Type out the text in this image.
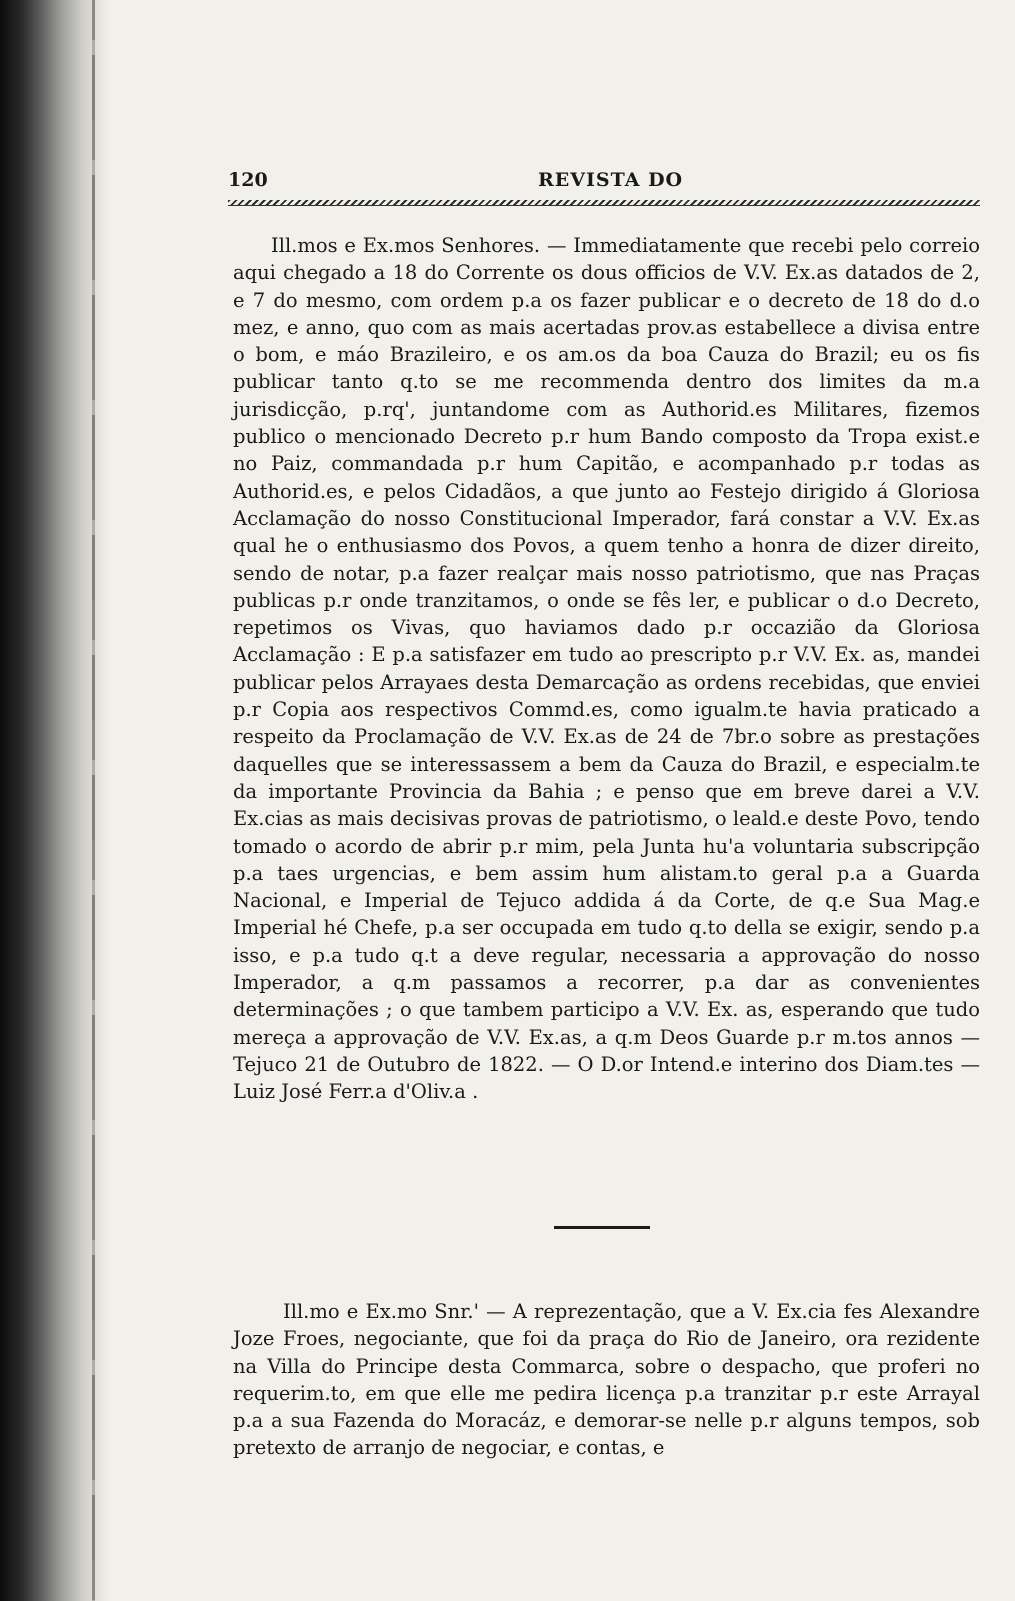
120	REVISTA DO

Ill.mos e Ex.mos Senhores. — Immediatamente que recebi pelo correio aqui chegado a 18 do Corrente os dous officios de V.V. Ex.as datados de 2, e 7 do mesmo, com ordem p.a os fazer publicar e o decreto de 18 do d.o mez, e anno, quo com as mais acertadas prov.as estabellece a divisa entre o bom, e máo Brazileiro, e os am.os da boa Cauza do Brazil; eu os fis publicar tanto q.to se me recommenda dentro dos limites da m.a jurisdicção, p.rq', juntandome com as Authorid.es Militares, fizemos publico o mencionado Decreto p.r hum Bando composto da Tropa exist.e no Paiz, commandada p.r hum Capitão, e acompanhado p.r todas as Authorid.es, e pelos Cidadãos, a que junto ao Festejo dirigido á Gloriosa Acclamação do nosso Constitucional Imperador, fará constar a V.V. Ex.as qual he o enthusiasmo dos Povos, a quem tenho a honra de dizer direito, sendo de notar, p.a fazer realçar mais nosso patriotismo, que nas Praças publicas p.r onde tranzitamos, o onde se fês ler, e publicar o d.o Decreto, repetimos os Vivas, quo haviamos dado p.r occazião da Gloriosa Acclamação : E p.a satisfazer em tudo ao prescripto p.r V.V. Ex. as, mandei publicar pelos Arrayaes desta Demarcação as ordens recebidas, que enviei p.r Copia aos respectivos Commd.es, como igualm.te havia praticado a respeito da Proclamação de V.V. Ex.as de 24 de 7br.o sobre as prestações daquelles que se interessassem a bem da Cauza do Brazil, e especialm.te da importante Provincia da Bahia ; e penso que em breve darei a V.V. Ex.cias as mais decisivas provas de patriotismo, o leald.e deste Povo, tendo tomado o acordo de abrir p.r mim, pela Junta hu'a voluntaria subscripção p.a taes urgencias, e bem assim hum alistam.to geral p.a a Guarda Nacional, e Imperial de Tejuco addida á da Corte, de q.e Sua Mag.e Imperial hé Chefe, p.a ser occupada em tudo q.to della se exigir, sendo p.a isso, e p.a tudo q.t a deve regular, necessaria a approvação do nosso Imperador, a q.m passamos a recorrer, p.a dar as convenientes determinações ; o que tambem participo a V.V. Ex. as, esperando que tudo mereça a approvação de V.V. Ex.as, a q.m Deos Guarde p.r m.tos annos — Tejuco 21 de Outubro de 1822. — O D.or Intend.e interino dos Diam.tes — Luiz José Ferr.a d'Oliv.a .

Ill.mo e Ex.mo Snr.' — A reprezentação, que a V. Ex.cia fes Alexandre Joze Froes, negociante, que foi da praça do Rio de Janeiro, ora rezidente na Villa do Principe desta Commarca, sobre o despacho, que proferi no requerim.to, em que elle me pedira licença p.a tranzitar p.r este Arrayal p.a a sua Fazenda do Moracáz, e demorar-se nelle p.r alguns tempos, sob pretexto de arranjo de negociar, e contas, e
